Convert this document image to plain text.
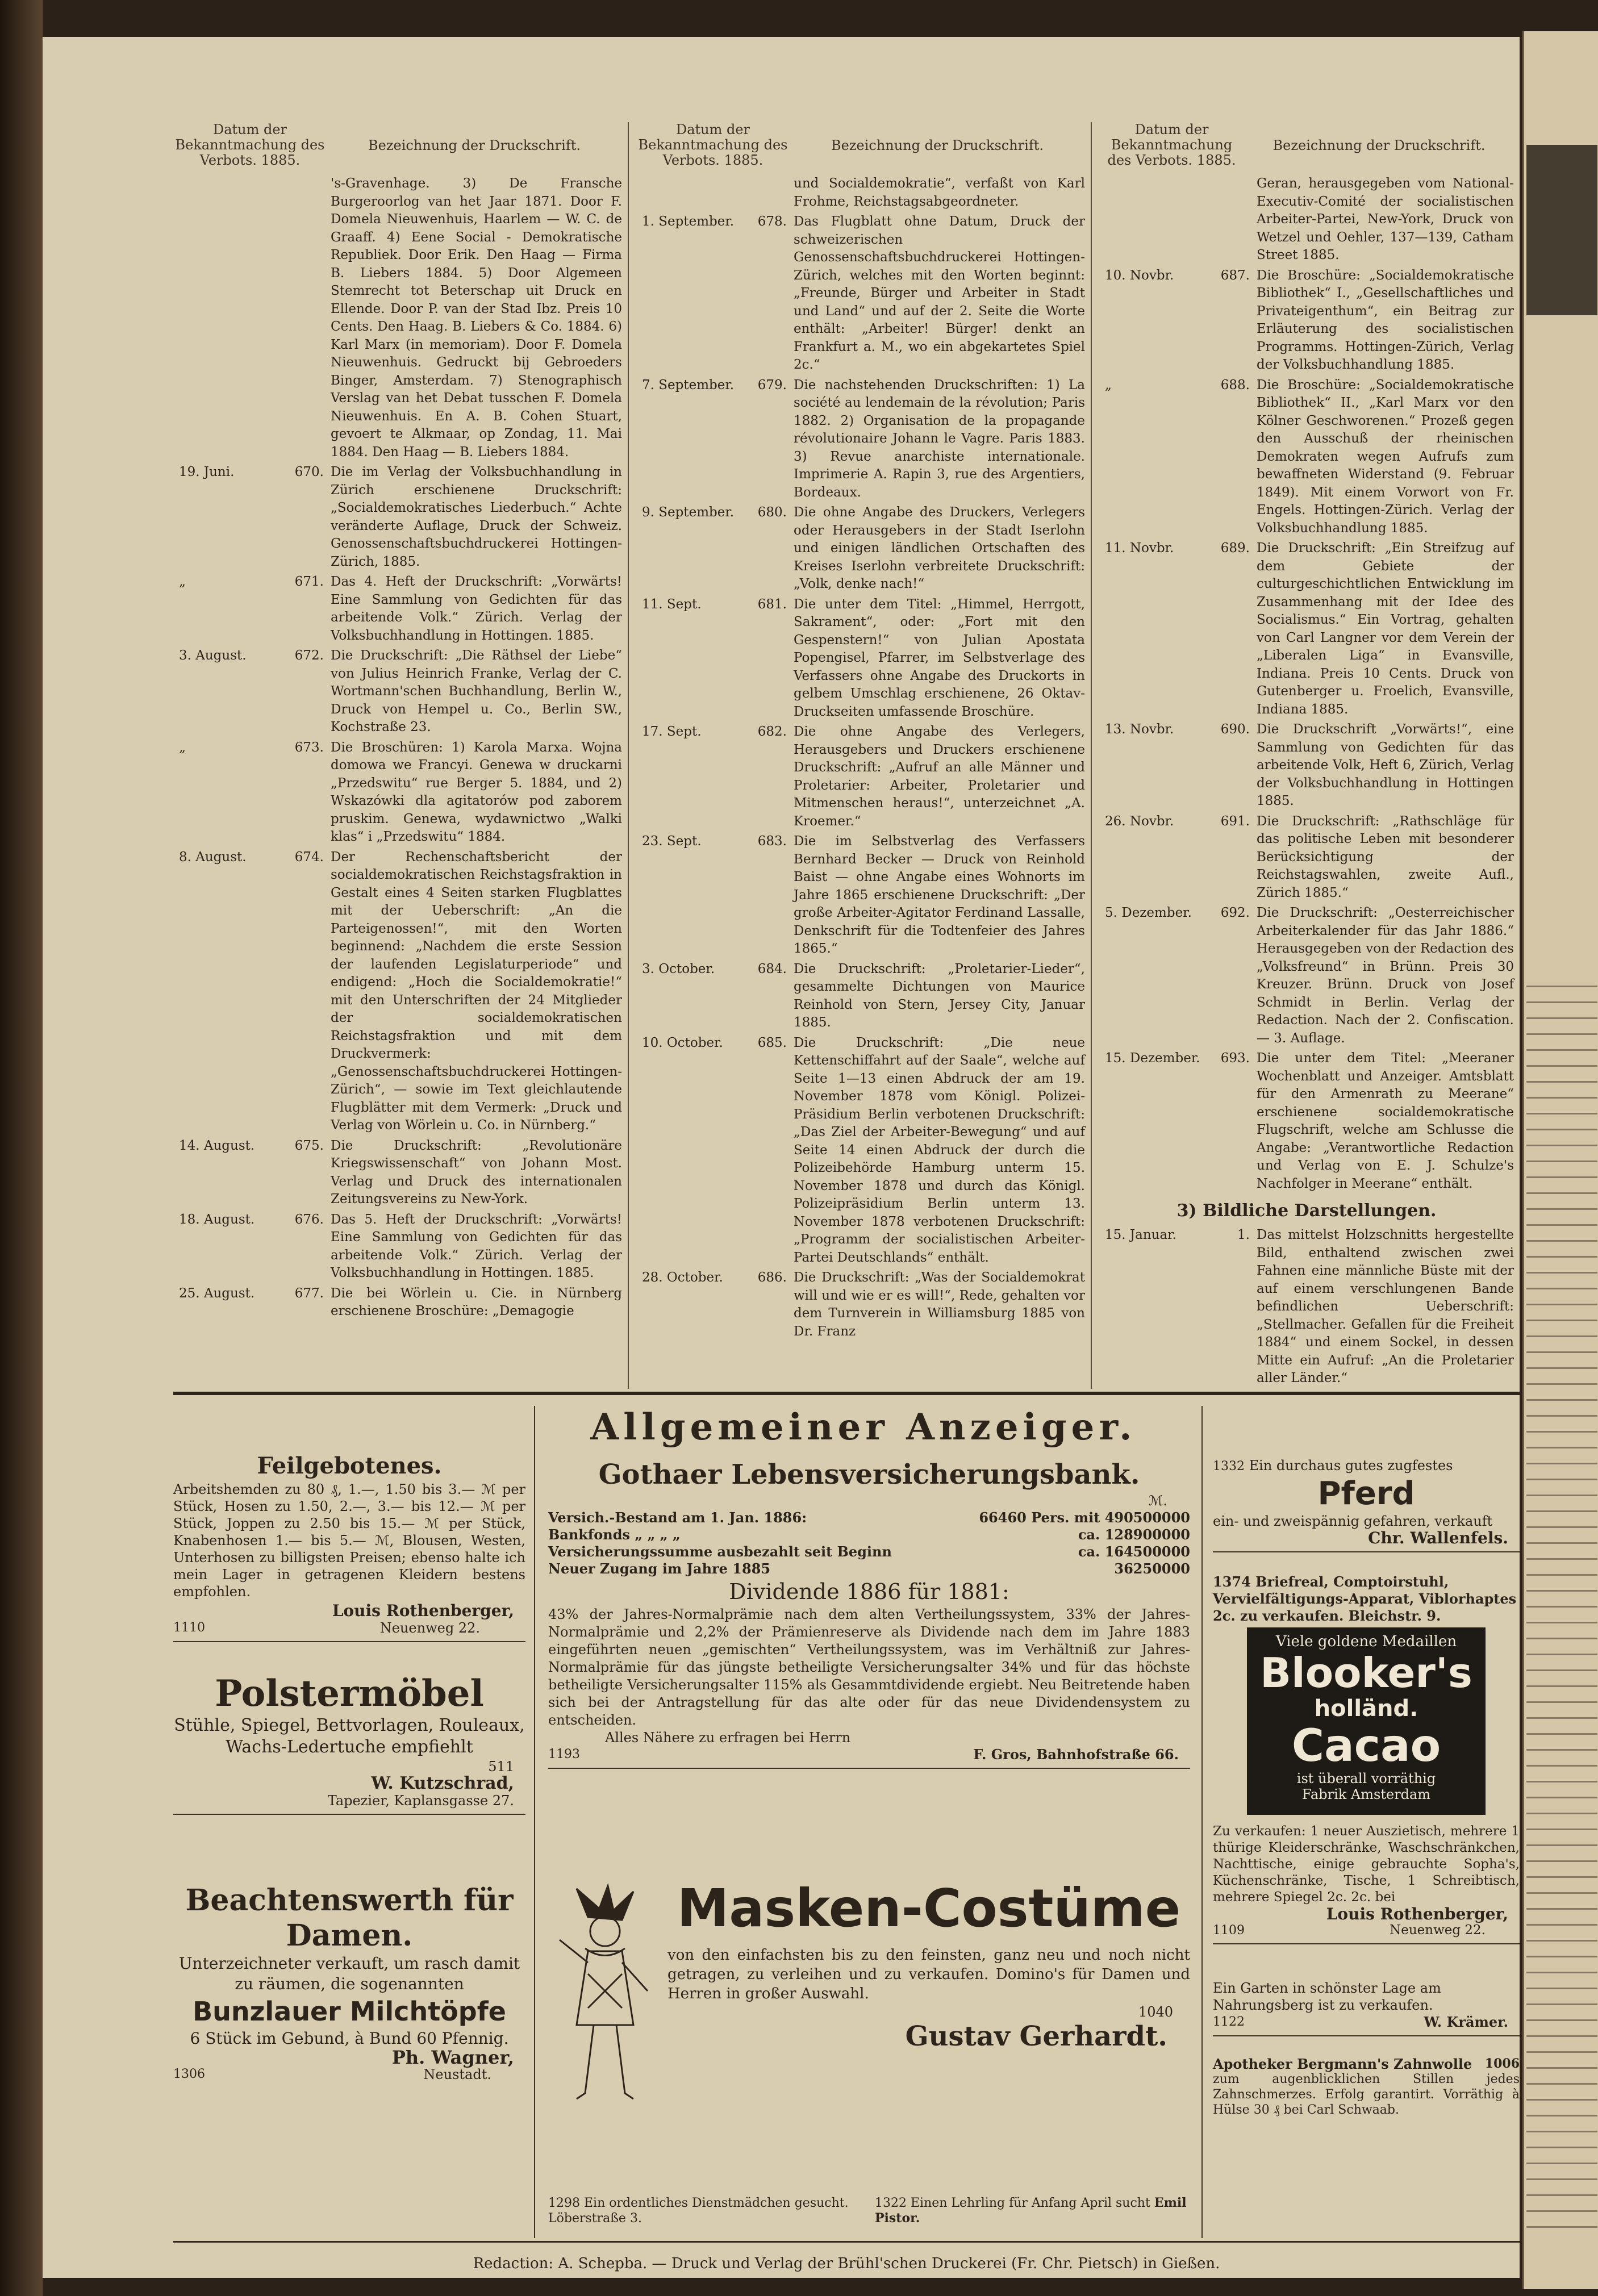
Datum der Bekanntmachung des Verbots. 1885.
Bezeichnung der Druckschrift.
's-Gravenhage. 3) De Fransche Burgeroorlog van het Jaar 1871. Door F. Domela Nieuwenhuis, Haarlem — W. C. de Graaff. 4) Eene Social - Demokratische Republiek. Door Erik. Den Haag — Firma B. Liebers 1884. 5) Door Algemeen Stemrecht tot Beterschap uit Druck en Ellende. Door P. van der Stad Ibz. Preis 10 Cents. Den Haag. B. Liebers & Co. 1884. 6) Karl Marx (in memoriam). Door F. Domela Nieuwenhuis. Gedruckt bij Gebroeders Binger, Amsterdam. 7) Stenographisch Verslag van het Debat tusschen F. Domela Nieuwenhuis. En A. B. Cohen Stuart, gevoert te Alkmaar, op Zondag, 11. Mai 1884. Den Haag — B. Liebers 1884.
19. Juni.	670. Die im Verlag der Volksbuchhandlung in Zürich erschienene Druckschrift: „Socialdemokratisches Liederbuch.“ Achte veränderte Auflage, Druck der Schweiz. Genossenschaftsbuchdruckerei Hottingen-Zürich, 1885.
„	671. Das 4. Heft der Druckschrift: „Vorwärts! Eine Sammlung von Gedichten für das arbeitende Volk.“ Zürich. Verlag der Volksbuchhandlung in Hottingen. 1885.
3. August.	672. Die Druckschrift: „Die Räthsel der Liebe“ von Julius Heinrich Franke, Verlag der C. Wortmann'schen Buchhandlung, Berlin W., Druck von Hempel u. Co., Berlin SW., Kochstraße 23.
„	673. Die Broschüren: 1) Karola Marxa. Wojna domowa we Francyi. Genewa w druckarni „Przedswitu“ rue Berger 5. 1884, und 2) Wskazówki dla agitatorów pod zaborem pruskim. Genewa, wydawnictwo „Walki klas“ i „Przedswitu“ 1884.
8. August.	674. Der Rechenschaftsbericht der socialdemokratischen Reichstagsfraktion in Gestalt eines 4 Seiten starken Flugblattes mit der Ueberschrift: „An die Parteigenossen!“, mit den Worten beginnend: „Nachdem die erste Session der laufenden Legislaturperiode“ und endigend: „Hoch die Socialdemokratie!“ mit den Unterschriften der 24 Mitglieder der socialdemokratischen Reichstagsfraktion und mit dem Druckvermerk: „Genossenschaftsbuchdruckerei Hottingen-Zürich“, — sowie im Text gleichlautende Flugblätter mit dem Vermerk: „Druck und Verlag von Wörlein u. Co. in Nürnberg.“
14. August.	675. Die Druckschrift: „Revolutionäre Kriegswissenschaft“ von Johann Most. Verlag und Druck des internationalen Zeitungsvereins zu New-York.
18. August.	676. Das 5. Heft der Druckschrift: „Vorwärts! Eine Sammlung von Gedichten für das arbeitende Volk.“ Zürich. Verlag der Volksbuchhandlung in Hottingen. 1885.
25. August.	677. Die bei Wörlein u. Cie. in Nürnberg erschienene Broschüre: „Demagogie
Datum der Bekanntmachung des Verbots. 1885.
Bezeichnung der Druckschrift.
und Socialdemokratie“, verfaßt von Karl Frohme, Reichstagsabgeordneter.
1. September.	678. Das Flugblatt ohne Datum, Druck der schweizerischen Genossenschaftsbuchdruckerei Hottingen-Zürich, welches mit den Worten beginnt: „Freunde, Bürger und Arbeiter in Stadt und Land“ und auf der 2. Seite die Worte enthält: „Arbeiter! Bürger! denkt an Frankfurt a. M., wo ein abgekartetes Spiel 2c.“
7. September.	679. Die nachstehenden Druckschriften: 1) La société au lendemain de la révolution; Paris 1882. 2) Organisation de la propagande révolutionaire Johann le Vagre. Paris 1883. 3) Revue anarchiste internationale. Imprimerie A. Rapin 3, rue des Argentiers, Bordeaux.
9. September.	680. Die ohne Angabe des Druckers, Verlegers oder Herausgebers in der Stadt Iserlohn und einigen ländlichen Ortschaften des Kreises Iserlohn verbreitete Druckschrift: „Volk, denke nach!“
11. Sept.	681. Die unter dem Titel: „Himmel, Herrgott, Sakrament“, oder: „Fort mit den Gespenstern!“ von Julian Apostata Popengisel, Pfarrer, im Selbstverlage des Verfassers ohne Angabe des Druckorts in gelbem Umschlag erschienene, 26 Oktav-Druckseiten umfassende Broschüre.
17. Sept.	682. Die ohne Angabe des Verlegers, Herausgebers und Druckers erschienene Druckschrift: „Aufruf an alle Männer und Proletarier: Arbeiter, Proletarier und Mitmenschen heraus!“, unterzeichnet „A. Kroemer.“
23. Sept.	683. Die im Selbstverlag des Verfassers Bernhard Becker — Druck von Reinhold Baist — ohne Angabe eines Wohnorts im Jahre 1865 erschienene Druckschrift: „Der große Arbeiter-Agitator Ferdinand Lassalle, Denkschrift für die Todtenfeier des Jahres 1865.“
3. October.	684. Die Druckschrift: „Proletarier-Lieder“, gesammelte Dichtungen von Maurice Reinhold von Stern, Jersey City, Januar 1885.
10. October.	685. Die Druckschrift: „Die neue Kettenschiffahrt auf der Saale“, welche auf Seite 1—13 einen Abdruck der am 19. November 1878 vom Königl. Polizei-Präsidium Berlin verbotenen Druckschrift: „Das Ziel der Arbeiter-Bewegung“ und auf Seite 14 einen Abdruck der durch die Polizeibehörde Hamburg unterm 15. November 1878 und durch das Königl. Polizeipräsidium Berlin unterm 13. November 1878 verbotenen Druckschrift: „Programm der socialistischen Arbeiter-Partei Deutschlands“ enthält.
28. October.	686. Die Druckschrift: „Was der Socialdemokrat will und wie er es will!“, Rede, gehalten vor dem Turnverein in Williamsburg 1885 von Dr. Franz
Datum der Bekanntmachung des Verbots. 1885.
Bezeichnung der Druckschrift.
Geran, herausgegeben vom National-Executiv-Comité der socialistischen Arbeiter-Partei, New-York, Druck von Wetzel und Oehler, 137—139, Catham Street 1885.
10. Novbr.	687. Die Broschüre: „Socialdemokratische Bibliothek“ I., „Gesellschaftliches und Privateigenthum“, ein Beitrag zur Erläuterung des socialistischen Programms. Hottingen-Zürich, Verlag der Volksbuchhandlung 1885.
„	688. Die Broschüre: „Socialdemokratische Bibliothek“ II., „Karl Marx vor den Kölner Geschworenen.“ Prozeß gegen den Ausschuß der rheinischen Demokraten wegen Aufrufs zum bewaffneten Widerstand (9. Februar 1849). Mit einem Vorwort von Fr. Engels. Hottingen-Zürich. Verlag der Volksbuchhandlung 1885.
11. Novbr.	689. Die Druckschrift: „Ein Streifzug auf dem Gebiete der culturgeschichtlichen Entwicklung im Zusammenhang mit der Idee des Socialismus.“ Ein Vortrag, gehalten von Carl Langner vor dem Verein der „Liberalen Liga“ in Evansville, Indiana. Preis 10 Cents. Druck von Gutenberger u. Froelich, Evansville, Indiana 1885.
13. Novbr.	690. Die Druckschrift „Vorwärts!“, eine Sammlung von Gedichten für das arbeitende Volk, Heft 6, Zürich, Verlag der Volksbuchhandlung in Hottingen 1885.
26. Novbr.	691. Die Druckschrift: „Rathschläge für das politische Leben mit besonderer Berücksichtigung der Reichstagswahlen, zweite Aufl., Zürich 1885.“
5. Dezember.	692. Die Druckschrift: „Oesterreichischer Arbeiterkalender für das Jahr 1886.“ Herausgegeben von der Redaction des „Volksfreund“ in Brünn. Preis 30 Kreuzer. Brünn. Druck von Josef Schmidt in Berlin. Verlag der Redaction. Nach der 2. Confiscation. — 3. Auflage.
15. Dezember.	693. Die unter dem Titel: „Meeraner Wochenblatt und Anzeiger. Amtsblatt für den Armenrath zu Meerane“ erschienene socialdemokratische Flugschrift, welche am Schlusse die Angabe: „Verantwortliche Redaction und Verlag von E. J. Schulze's Nachfolger in Meerane“ enthält.
3) Bildliche Darstellungen.
15. Januar.	1. Das mittelst Holzschnitts hergestellte Bild, enthaltend zwischen zwei Fahnen eine männliche Büste mit der auf einem verschlungenen Bande befindlichen Ueberschrift: „Stellmacher. Gefallen für die Freiheit 1884“ und einem Sockel, in dessen Mitte ein Aufruf: „An die Proletarier aller Länder.“
Allgemeiner Anzeiger.
Feilgebotenes.
Arbeitshemden zu 80 ₰, 1.—, 1.50 bis 3.— ℳ per Stück, Hosen zu 1.50, 2.—, 3.— bis 12.— ℳ per Stück, Joppen zu 2.50 bis 15.— ℳ per Stück, Knabenhosen 1.— bis 5.— ℳ, Blousen, Westen, Unterhosen zu billigsten Preisen; ebenso halte ich mein Lager in getragenen Kleidern bestens empfohlen.
Louis Rothenberger,
1110	Neuenweg 22.
Polstermöbel
Stühle, Spiegel, Bettvorlagen, Rouleaux, Wachs-Ledertuche empfiehlt
511
W. Kutzschrad,
Tapezier, Kaplansgasse 27.
Beachtenswerth für Damen.
Unterzeichneter verkauft, um rasch damit zu räumen, die sogenannten
Bunzlauer Milchtöpfe
6 Stück im Gebund, à Bund 60 Pfennig.
Ph. Wagner,
1306	Neustadt.
Gothaer Lebensversicherungsbank.
ℳ.
Versich.-Bestand am 1. Jan. 1886:	66460 Pers. mit 490500000
Bankfonds „ „ „ „	ca. 128900000
Versicherungssumme ausbezahlt seit Beginn	ca. 164500000
Neuer Zugang im Jahre 1885	36250000
Dividende 1886 für 1881:
43% der Jahres-Normalprämie nach dem alten Vertheilungssystem, 33% der Jahres-Normalprämie und 2,2% der Prämienreserve als Dividende nach dem im Jahre 1883 eingeführten neuen „gemischten“ Vertheilungssystem, was im Verhältniß zur Jahres-Normalprämie für das jüngste betheiligte Versicherungsalter 34% und für das höchste betheiligte Versicherungsalter 115% als Gesammtdividende ergiebt. Neu Beitretende haben sich bei der Antragstellung für das alte oder für das neue Dividendensystem zu entscheiden.
Alles Nähere zu erfragen bei Herrn
1193	F. Gros, Bahnhofstraße 66.
Masken-Costüme
von den einfachsten bis zu den feinsten, ganz neu und noch nicht getragen, zu verleihen und zu verkaufen. Domino's für Damen und Herren in großer Auswahl.
1040
Gustav Gerhardt.
1298 Ein ordentliches Dienstmädchen gesucht. Löberstraße 3.
1322 Einen Lehrling für Anfang April sucht Emil Pistor.
1332 Ein durchaus gutes zugfestes
Pferd
ein- und zweispännig gefahren, verkauft
Chr. Wallenfels.
1374 Briefreal, Comptoirstuhl, Vervielfältigungs-Apparat, Viblorhaptes 2c. zu verkaufen. Bleichstr. 9.
Viele goldene Medaillen
Blooker's
holländ.
Cacao
ist überall vorräthig
Fabrik Amsterdam
Zu verkaufen: 1 neuer Auszietisch, mehrere 1 thürige Kleiderschränke, Waschschränkchen, Nachttische, einige gebrauchte Sopha's, Küchenschränke, Tische, 1 Schreibtisch, mehrere Spiegel 2c. 2c. bei
Louis Rothenberger,
1109	Neuenweg 22.
Ein Garten in schönster Lage am Nahrungsberg ist zu verkaufen.
1122	W. Krämer.
Apotheker Bergmann's Zahnwolle 1006
zum augenblicklichen Stillen jedes Zahnschmerzes. Erfolg garantirt. Vorräthig à Hülse 30 ₰ bei Carl Schwaab.
Redaction: A. Schepba. — Druck und Verlag der Brühl'schen Druckerei (Fr. Chr. Pietsch) in Gießen.
